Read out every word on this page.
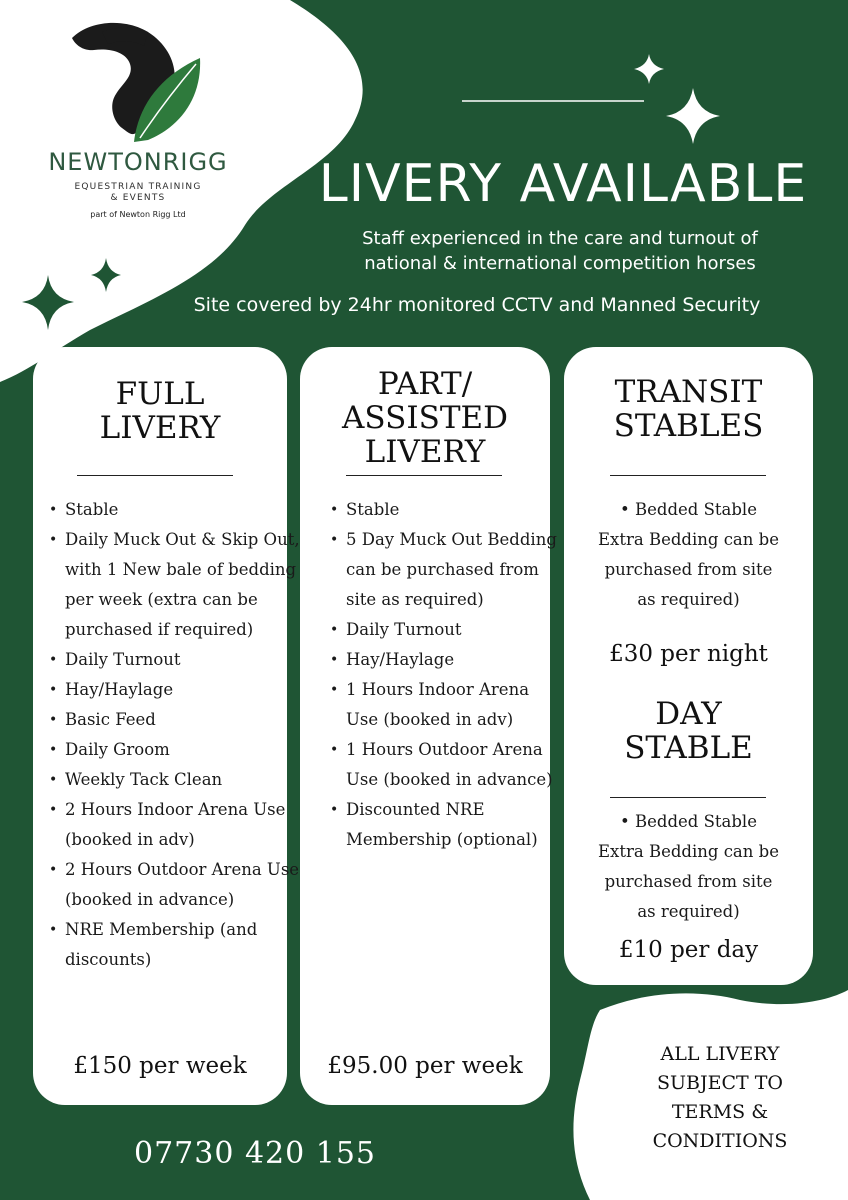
NEWTONRIGG
EQUESTRIAN TRAINING
& EVENTS
part of Newton Rigg Ltd
LIVERY AVAILABLE
Staff experienced in the care and turnout of
national & international competition horses
Site covered by 24hr monitored CCTV and Manned Security
FULL
LIVERY
• Stable
• Daily Muck Out & Skip Out, with 1 New bale of bedding per week (extra can be purchased if required)
• Daily Turnout
• Hay/Haylage
• Basic Feed
• Daily Groom
• Weekly Tack Clean
• 2 Hours Indoor Arena Use (booked in adv)
• 2 Hours Outdoor Arena Use (booked in advance)
• NRE Membership (and discounts)
£150 per week
PART/
ASSISTED
LIVERY
• Stable
• 5 Day Muck Out Bedding can be purchased from site as required)
• Daily Turnout
• Hay/Haylage
• 1 Hours Indoor Arena Use (booked in adv)
• 1 Hours Outdoor Arena Use (booked in advance)
• Discounted NRE Membership (optional)
£95.00 per week
TRANSIT
STABLES
• Bedded Stable
Extra Bedding can be
purchased from site
as required)
£30 per night
DAY
STABLE
• Bedded Stable
Extra Bedding can be
purchased from site
as required)
£10 per day
ALL LIVERY
SUBJECT TO
TERMS &
CONDITIONS
07730 420 155
